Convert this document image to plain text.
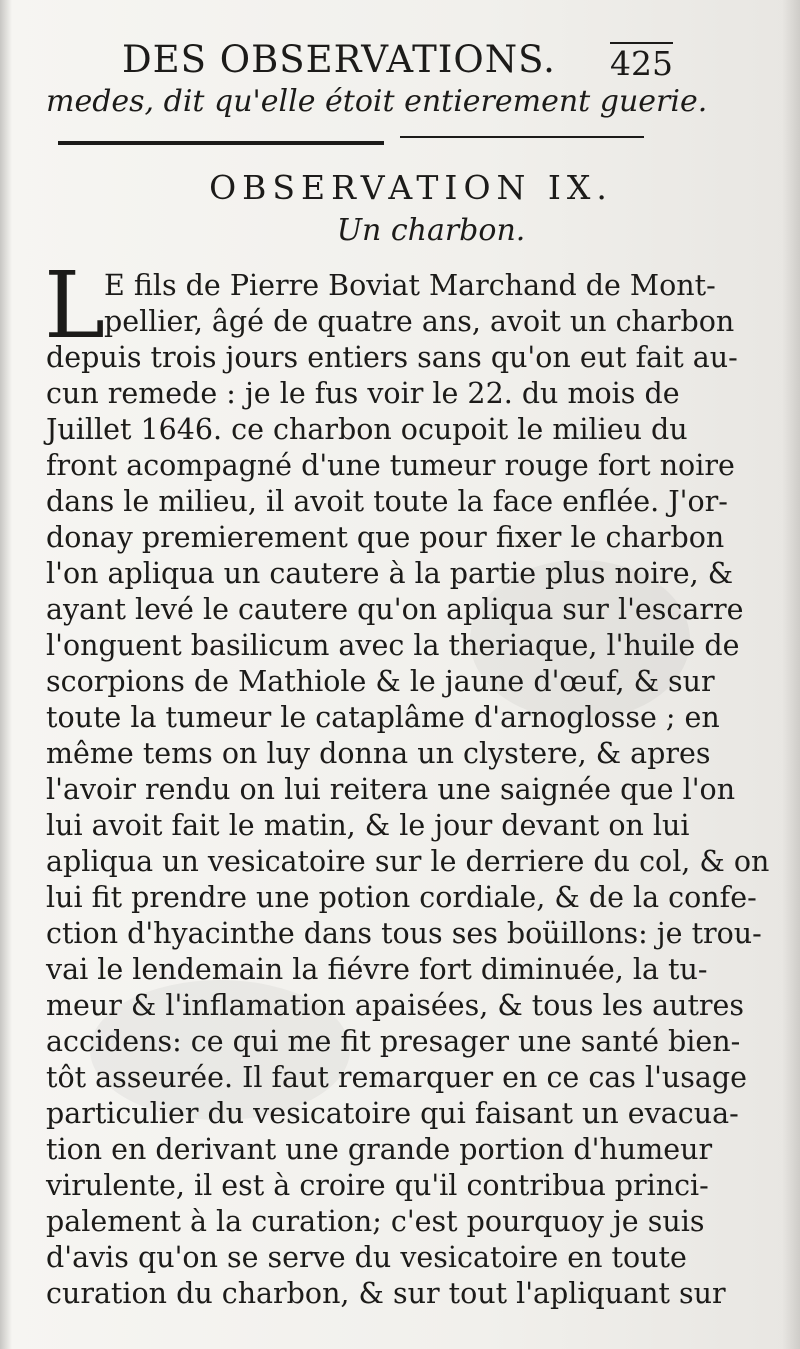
DES OBSERVATIONS. 425
medes, dit qu'elle étoit entierement guerie.
OBSERVATION IX.
Un charbon.
L
E fils de Pierre Boviat Marchand de Mont-
pellier, âgé de quatre ans, avoit un charbon
depuis trois jours entiers sans qu'on eut fait au-
cun remede : je le fus voir le 22. du mois de
Juillet 1646. ce charbon ocupoit le milieu du
front acompagné d'une tumeur rouge fort noire
dans le milieu, il avoit toute la face enflée. J'or-
donay premierement que pour fixer le charbon
l'on apliqua un cautere à la partie plus noire, &
ayant levé le cautere qu'on apliqua sur l'escarre
l'onguent basilicum avec la theriaque, l'huile de
scorpions de Mathiole & le jaune d'œuf, & sur
toute la tumeur le cataplâme d'arnoglosse ; en
même tems on luy donna un clystere, & apres
l'avoir rendu on lui reitera une saignée que l'on
lui avoit fait le matin, & le jour devant on lui
apliqua un vesicatoire sur le derriere du col, & on
lui fit prendre une potion cordiale, & de la confe-
ction d'hyacinthe dans tous ses boüillons: je trou-
vai le lendemain la fiévre fort diminuée, la tu-
meur & l'inflamation apaisées, & tous les autres
accidens: ce qui me fit presager une santé bien-
tôt asseurée. Il faut remarquer en ce cas l'usage
particulier du vesicatoire qui faisant un evacua-
tion en derivant une grande portion d'humeur
virulente, il est à croire qu'il contribua princi-
palement à la curation; c'est pourquoy je suis
d'avis qu'on se serve du vesicatoire en toute
curation du charbon, & sur tout l'apliquant sur
